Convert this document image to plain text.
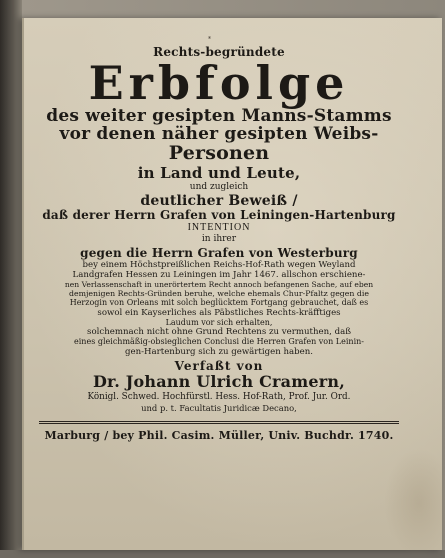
*
Rechts-begründete
Erbfolge
des weiter gesipten Manns-Stamms
vor denen näher gesipten Weibs-
Personen
in Land und Leute,
und zugleich
deutlicher Beweiß /
daß derer Herrn Grafen von Leiningen-Hartenburg
INTENTION
in ihrer
gegen die Herrn Grafen von Westerburg
bey einem Höchstpreißlichen Reichs-Hof-Rath wegen Weyland
Landgrafen Hessen zu Leiningen im Jahr 1467. allschon erschiene-
nen Verlassenschaft in unerörtertem Recht annoch befangenen Sache, auf eben
demjenigen Rechts-Gründen beruhe, welche ehemals Chur-Pfaltz gegen die
Herzogin von Orleans mit solch beglücktem Fortgang gebrauchet, daß es
sowol ein Kayserliches als Päbstliches Rechts-kräfftiges
Laudum vor sich erhalten,
solchemnach nicht ohne Grund Rechtens zu vermuthen, daß
eines gleichmäßig-obsieglichen Conclusi die Herren Grafen von Leinin-
gen-Hartenburg sich zu gewärtigen haben.
Verfaßt von
Dr. Johann Ulrich Cramern,
Königl. Schwed. Hochfürstl. Hess. Hof-Rath, Prof. Jur. Ord.
und p. t. Facultatis Juridicæ Decano,
Marburg / bey Phil. Casim. Müller, Univ. Buchdr. 1740.
